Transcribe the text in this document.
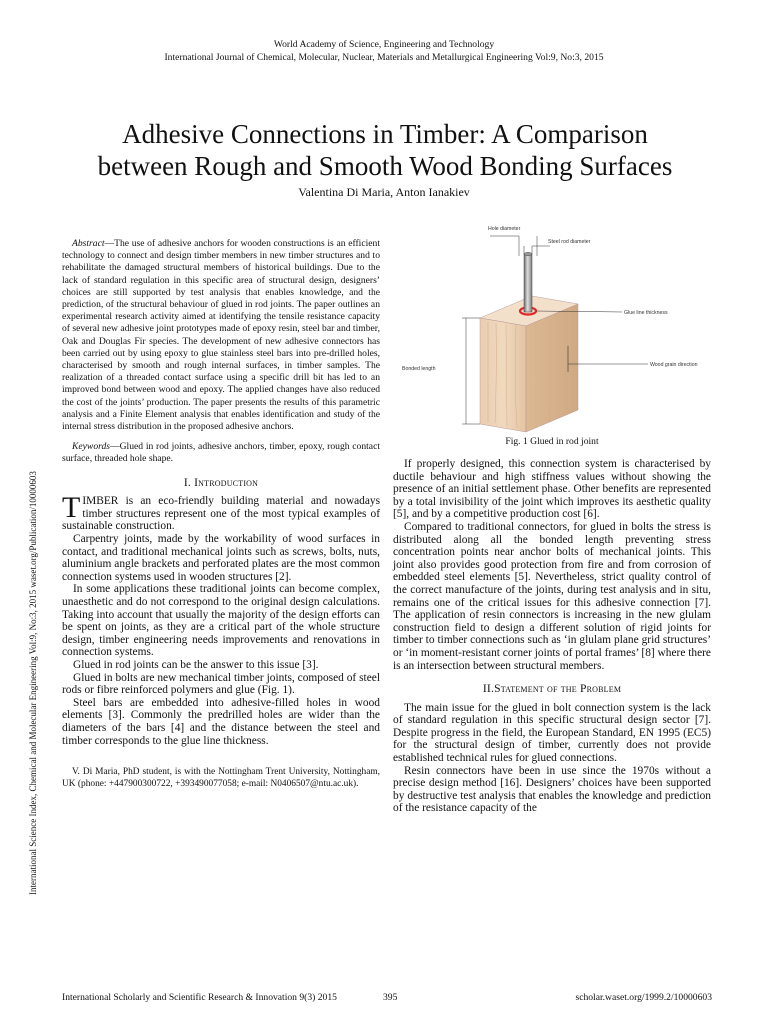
World Academy of Science, Engineering and Technology
International Journal of Chemical, Molecular, Nuclear, Materials and Metallurgical Engineering Vol:9, No:3, 2015
Adhesive Connections in Timber: A Comparison
between Rough and Smooth Wood Bonding Surfaces
Valentina Di Maria, Anton Ianakiev
International Science Index, Chemical and Molecular Engineering Vol:9, No:3, 2015 waset.org/Publication/10000603

Abstract—The use of adhesive anchors for wooden constructions is an efficient technology to connect and design timber members in new timber structures and to rehabilitate the damaged structural members of historical buildings. Due to the lack of standard regulation in this specific area of structural design, designers’ choices are still supported by test analysis that enables knowledge, and the prediction, of the structural behaviour of glued in rod joints. The paper outlines an experimental research activity aimed at identifying the tensile resistance capacity of several new adhesive joint prototypes made of epoxy resin, steel bar and timber, Oak and Douglas Fir species. The development of new adhesive connectors has been carried out by using epoxy to glue stainless steel bars into pre-drilled holes, characterised by smooth and rough internal surfaces, in timber samples. The realization of a threaded contact surface using a specific drill bit has led to an improved bond between wood and epoxy. The applied changes have also reduced the cost of the joints’ production. The paper presents the results of this parametric analysis and a Finite Element analysis that enables identification and study of the internal stress distribution in the proposed adhesive anchors.

Keywords—Glued in rod joints, adhesive anchors, timber, epoxy, rough contact surface, threaded hole shape.

I. Introduction

TIMBER is an eco-friendly building material and nowadays timber structures represent one of the most typical examples of sustainable construction.

Carpentry joints, made by the workability of wood surfaces in contact, and traditional mechanical joints such as screws, bolts, nuts, aluminium angle brackets and perforated plates are the most common connection systems used in wooden structures [2].

In some applications these traditional joints can become complex, unaesthetic and do not correspond to the original design calculations. Taking into account that usually the majority of the design efforts can be spent on joints, as they are a critical part of the whole structure design, timber engineering needs improvements and renovations in connection systems.

Glued in rod joints can be the answer to this issue [3].

Glued in bolts are new mechanical timber joints, composed of steel rods or fibre reinforced polymers and glue (Fig. 1).

Steel bars are embedded into adhesive-filled holes in wood elements [3]. Commonly the predrilled holes are wider than the diameters of the bars [4] and the distance between the steel and timber corresponds to the glue line thickness.

V. Di Maria, PhD student, is with the Nottingham Trent University, Nottingham, UK (phone: +447900300722, +393490077058; e-mail: N0406507@ntu.ac.uk).
Hole diameter
Steel rod diameter
Glue line thickness
Bonded length
Wood grain direction
Fig. 1 Glued in rod joint

If properly designed, this connection system is characterised by ductile behaviour and high stiffness values without showing the presence of an initial settlement phase. Other benefits are represented by a total invisibility of the joint which improves its aesthetic quality [5], and by a competitive production cost [6].

Compared to traditional connectors, for glued in bolts the stress is distributed along all the bonded length preventing stress concentration points near anchor bolts of mechanical joints. This joint also provides good protection from fire and from corrosion of embedded steel elements [5]. Nevertheless, strict quality control of the correct manufacture of the joints, during test analysis and in situ, remains one of the critical issues for this adhesive connection [7]. The application of resin connectors is increasing in the new glulam construction field to design a different solution of rigid joints for timber to timber connections such as ‘in glulam plane grid structures’ or ‘in moment-resistant corner joints of portal frames’ [8] where there is an intersection between structural members.

II.Statement of the Problem

The main issue for the glued in bolt connection system is the lack of standard regulation in this specific structural design sector [7]. Despite progress in the field, the European Standard, EN 1995 (EC5) for the structural design of timber, currently does not provide established technical rules for glued connections.

Resin connectors have been in use since the 1970s without a precise design method [16]. Designers’ choices have been supported by destructive test analysis that enables the knowledge and prediction of the resistance capacity of the

International Scholarly and Scientific Research & Innovation 9(3) 2015	395	scholar.waset.org/1999.2/10000603
